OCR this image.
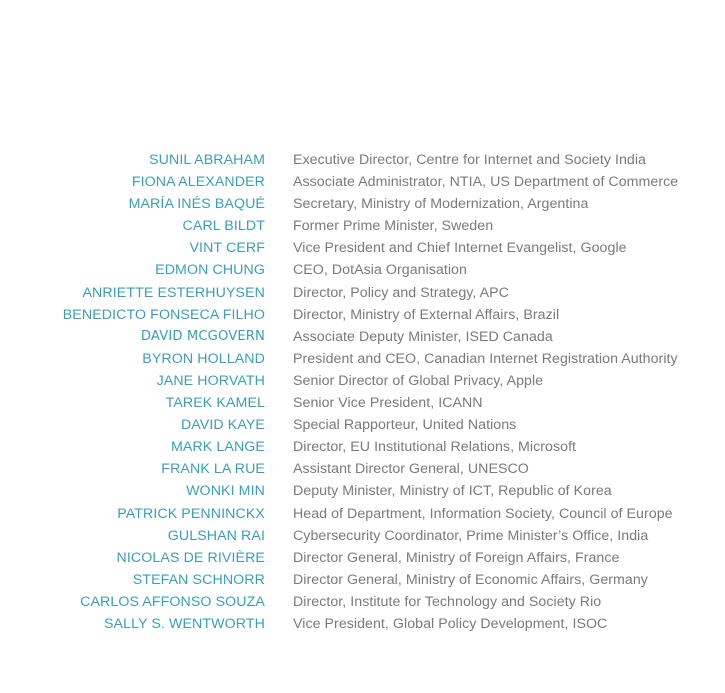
SUNIL ABRAHAM Executive Director, Centre for Internet and Society India
FIONA ALEXANDER Associate Administrator, NTIA, US Department of Commerce
MARÍA INÉS BAQUÉ Secretary, Ministry of Modernization, Argentina
CARL BILDT Former Prime Minister, Sweden
VINT CERF Vice President and Chief Internet Evangelist, Google
EDMON CHUNG CEO, DotAsia Organisation
ANRIETTE ESTERHUYSEN Director, Policy and Strategy, APC
BENEDICTO FONSECA FILHO Director, Ministry of External Affairs, Brazil
DAVID MCGOVERN Associate Deputy Minister, ISED Canada
BYRON HOLLAND President and CEO, Canadian Internet Registration Authority
JANE HORVATH Senior Director of Global Privacy, Apple
TAREK KAMEL Senior Vice President, ICANN
DAVID KAYE Special Rapporteur, United Nations
MARK LANGE Director, EU Institutional Relations, Microsoft
FRANK LA RUE Assistant Director General, UNESCO
WONKI MIN Deputy Minister, Ministry of ICT, Republic of Korea
PATRICK PENNINCKX Head of Department, Information Society, Council of Europe
GULSHAN RAI Cybersecurity Coordinator, Prime Minister’s Office, India
NICOLAS DE RIVIÈRE Director General, Ministry of Foreign Affairs, France
STEFAN SCHNORR Director General, Ministry of Economic Affairs, Germany
CARLOS AFFONSO SOUZA Director, Institute for Technology and Society Rio
SALLY S. WENTWORTH Vice President, Global Policy Development, ISOC
